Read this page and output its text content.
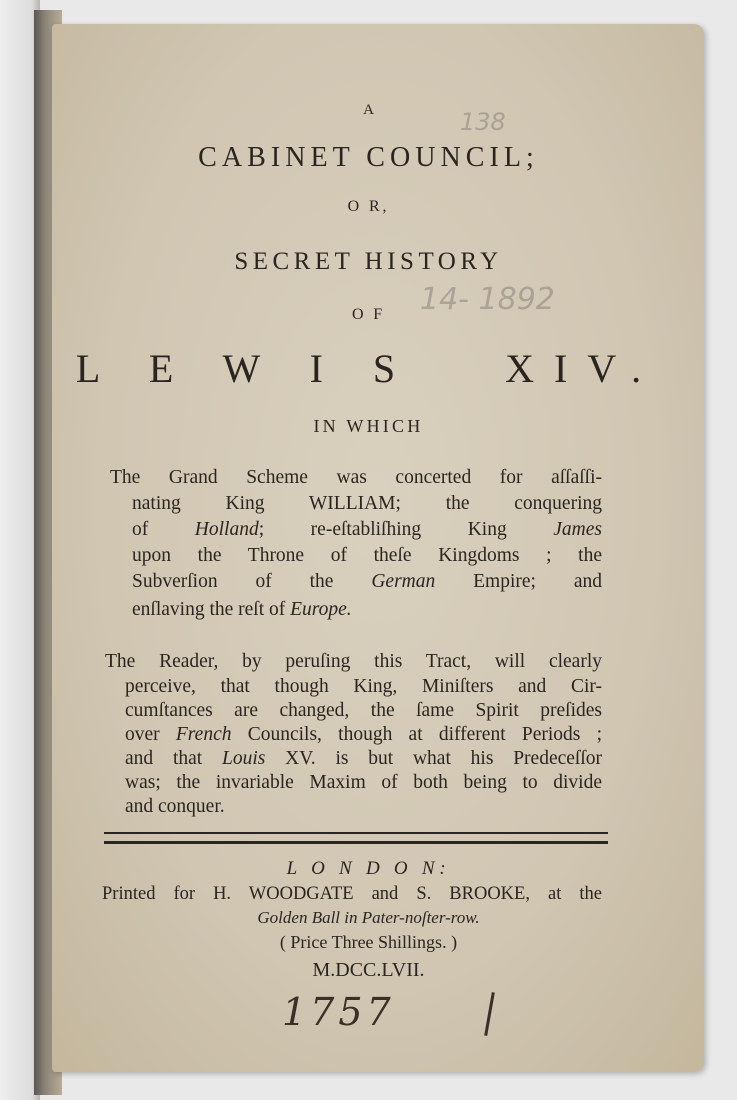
138
14- 1892
A
CABINET COUNCIL;
O R,
SECRET HISTORY
O F
L E W I S   XIV.
IN WHICH
The Grand Scheme was concerted for aſſaſſi-
nating King WILLIAM; the conquering
of Holland; re-eſtabliſhing King James
upon the Throne of theſe Kingdoms ; the
Subverſion of the German Empire; and
enſlaving the reſt of Europe.
The Reader, by peruſing this Tract, will clearly
perceive, that though King, Miniſters and Cir-
cumſtances are changed, the ſame Spirit preſides
over French Councils, though at different Periods ;
and that Louis XV. is but what his Predeceſſor
was; the invariable Maxim of both being to divide
and conquer.
L O N D O N:
Printed for H. WOODGATE and S. BROOKE, at the
Golden Ball in Pater-noſter-row.
( Price Three Shillings. )
M.DCC.LVII.
1757
